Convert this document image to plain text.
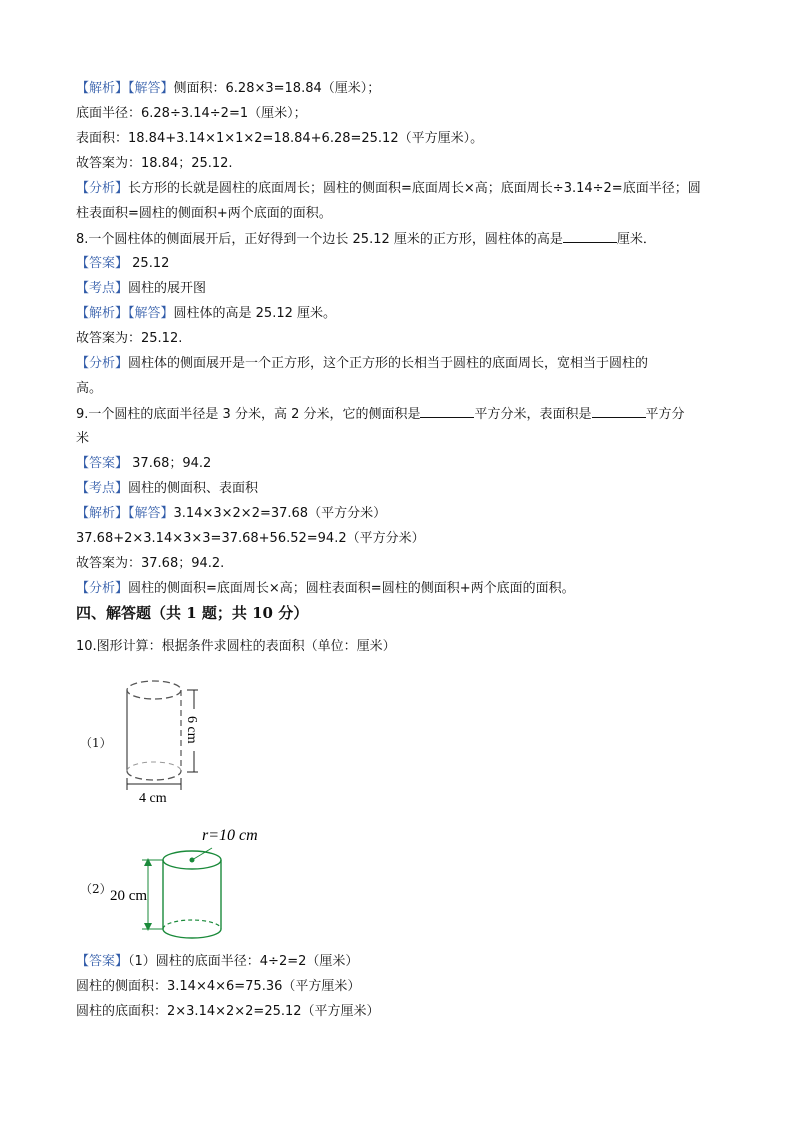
【解析】【解答】侧面积：6.28×3=18.84（厘米）；
底面半径：6.28÷3.14÷2=1（厘米）；
表面积：18.84+3.14×1×1×2=18.84+6.28=25.12（平方厘米）。
故答案为：18.84；25.12.
【分析】长方形的长就是圆柱的底面周长；圆柱的侧面积=底面周长×高；底面周长÷3.14÷2=底面半径；圆
柱表面积=圆柱的侧面积+两个底面的面积。
8.一个圆柱体的侧面展开后，正好得到一个边长 25.12 厘米的正方形，圆柱体的高是	厘米．
【答案】 25.12
【考点】圆柱的展开图
【解析】【解答】圆柱体的高是 25.12 厘米。
故答案为：25.12.
【分析】圆柱体的侧面展开是一个正方形，这个正方形的长相当于圆柱的底面周长，宽相当于圆柱的
高。
9.一个圆柱的底面半径是 3 分米，高 2 分米，它的侧面积是	平方分米，表面积是	平方分
米
【答案】 37.68；94.2
【考点】圆柱的侧面积、表面积
【解析】【解答】3.14×3×2×2=37.68（平方分米）
37.68+2×3.14×3×3=37.68+56.52=94.2（平方分米）
故答案为：37.68；94.2.
【分析】圆柱的侧面积=底面周长×高；圆柱表面积=圆柱的侧面积+两个底面的面积。
四、解答题（共 1 题；共 10 分）
10.图形计算：根据条件求圆柱的表面积（单位：厘米）
（1）	6 cm
4 cm
（2）
r=10 cm
20 cm
【答案】（1）圆柱的底面半径：4÷2=2（厘米）
圆柱的侧面积：3.14×4×6=75.36（平方厘米）
圆柱的底面积：2×3.14×2×2=25.12（平方厘米）
